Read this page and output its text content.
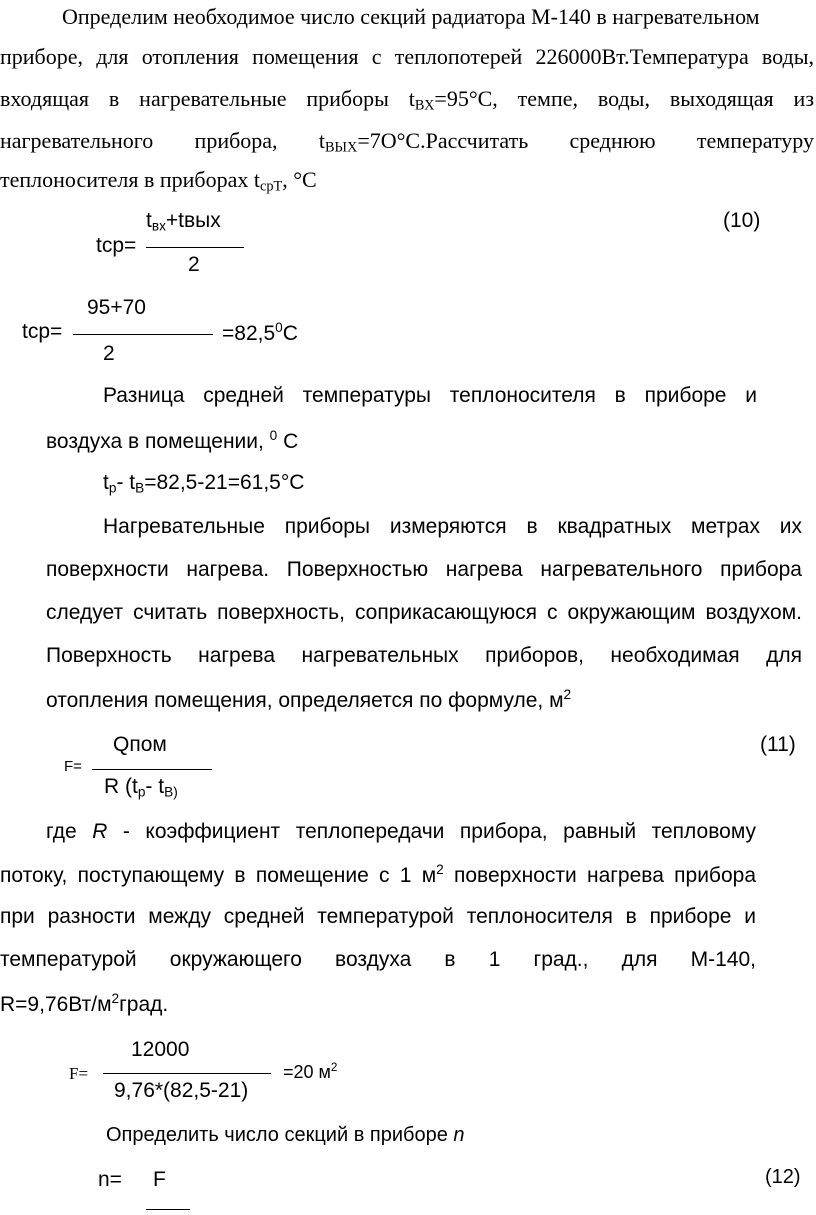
Определим необходимое число секций радиатора М-140 в нагревательном
приборе, для отопления помещения с теплопотерей 226000Вт.Температура воды,
входящая в нагревательные приборы $t_{ВХ}=95^\circ С$, темпе, воды, выходящая из
нагревательного прибора, $t_{ВЫХ}=7О^\circ С.Рассчитать$ среднюю температуру
теплоносителя в приборах $t_{срТ}$, °С
$t_{вх}+tвых$
tср=
2
(10)
95+70
tср=	$=82,5^0С$
2
Разница средней температуры теплоносителя в приборе и
воздуха в помещении, $^0$ С
$t_р-$ $t_В=82,5-21=61,5^\circ С$
Нагревательные приборы измеряются в квадратных метрах их
поверхности нагрева. Поверхностью нагрева нагревательного прибора
следует считать поверхность, соприкасающуюся с окружающим воздухом.
Поверхность нагрева нагревательных приборов, необходимая для
отопления помещения, определяется по формуле, $м^2$
Qпом
F=
R ($t_р-$ $t_{В)}$
(11)
где R - коэффициент теплопередачи прибора, равный тепловому
потоку, поступающему в помещение с 1 $м^2$ поверхности нагрева прибора
при разности между средней температурой теплоносителя в приборе и
температурой окружающего воздуха в 1 град., для М-140,
$R=9,76Вт/м^2град$.
12000
F=	=20 $м^2$
9,76*(82,5-21)
Определить число секций в приборе n
n= F	(12)
